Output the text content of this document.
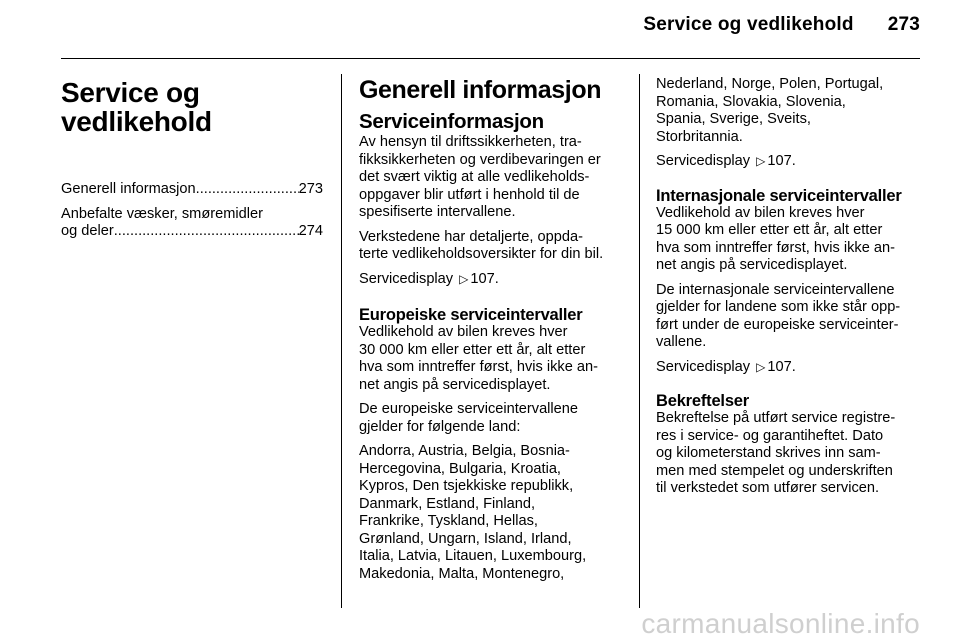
Service og vedlikehold 273
Service og
vedlikehold
Generell informasjon .....	273
Anbefalte væsker, smøremidler
og deler .....	274
Generell informasjon
Serviceinformasjon
Av hensyn til driftssikkerheten, tra-
fikksikkerheten og verdibevaringen er
det svært viktig at alle vedlikeholds-
oppgaver blir utført i henhold til de
spesifiserte intervallene.
Verkstedene har detaljerte, oppda-
terte vedlikeholdsoversikter for din bil.
Servicedisplay ▷ 107.
Europeiske serviceintervaller
Vedlikehold av bilen kreves hver
30 000 km eller etter ett år, alt etter
hva som inntreffer først, hvis ikke an-
net angis på servicedisplayet.
De europeiske serviceintervallene
gjelder for følgende land:
Andorra, Austria, Belgia, Bosnia-
Hercegovina, Bulgaria, Kroatia,
Kypros, Den tsjekkiske republikk,
Danmark, Estland, Finland,
Frankrike, Tyskland, Hellas,
Grønland, Ungarn, Island, Irland,
Italia, Latvia, Litauen, Luxembourg,
Makedonia, Malta, Montenegro,
Nederland, Norge, Polen, Portugal,
Romania, Slovakia, Slovenia,
Spania, Sverige, Sveits,
Storbritannia.
Servicedisplay ▷ 107.
Internasjonale serviceintervaller
Vedlikehold av bilen kreves hver
15 000 km eller etter ett år, alt etter
hva som inntreffer først, hvis ikke an-
net angis på servicedisplayet.
De internasjonale serviceintervallene
gjelder for landene som ikke står opp-
ført under de europeiske serviceinter-
vallene.
Servicedisplay ▷ 107.
Bekreftelser
Bekreftelse på utført service registre-
res i service- og garantiheftet. Dato
og kilometerstand skrives inn sam-
men med stempelet og underskriften
til verkstedet som utfører servicen.
carmanualsonline.info
